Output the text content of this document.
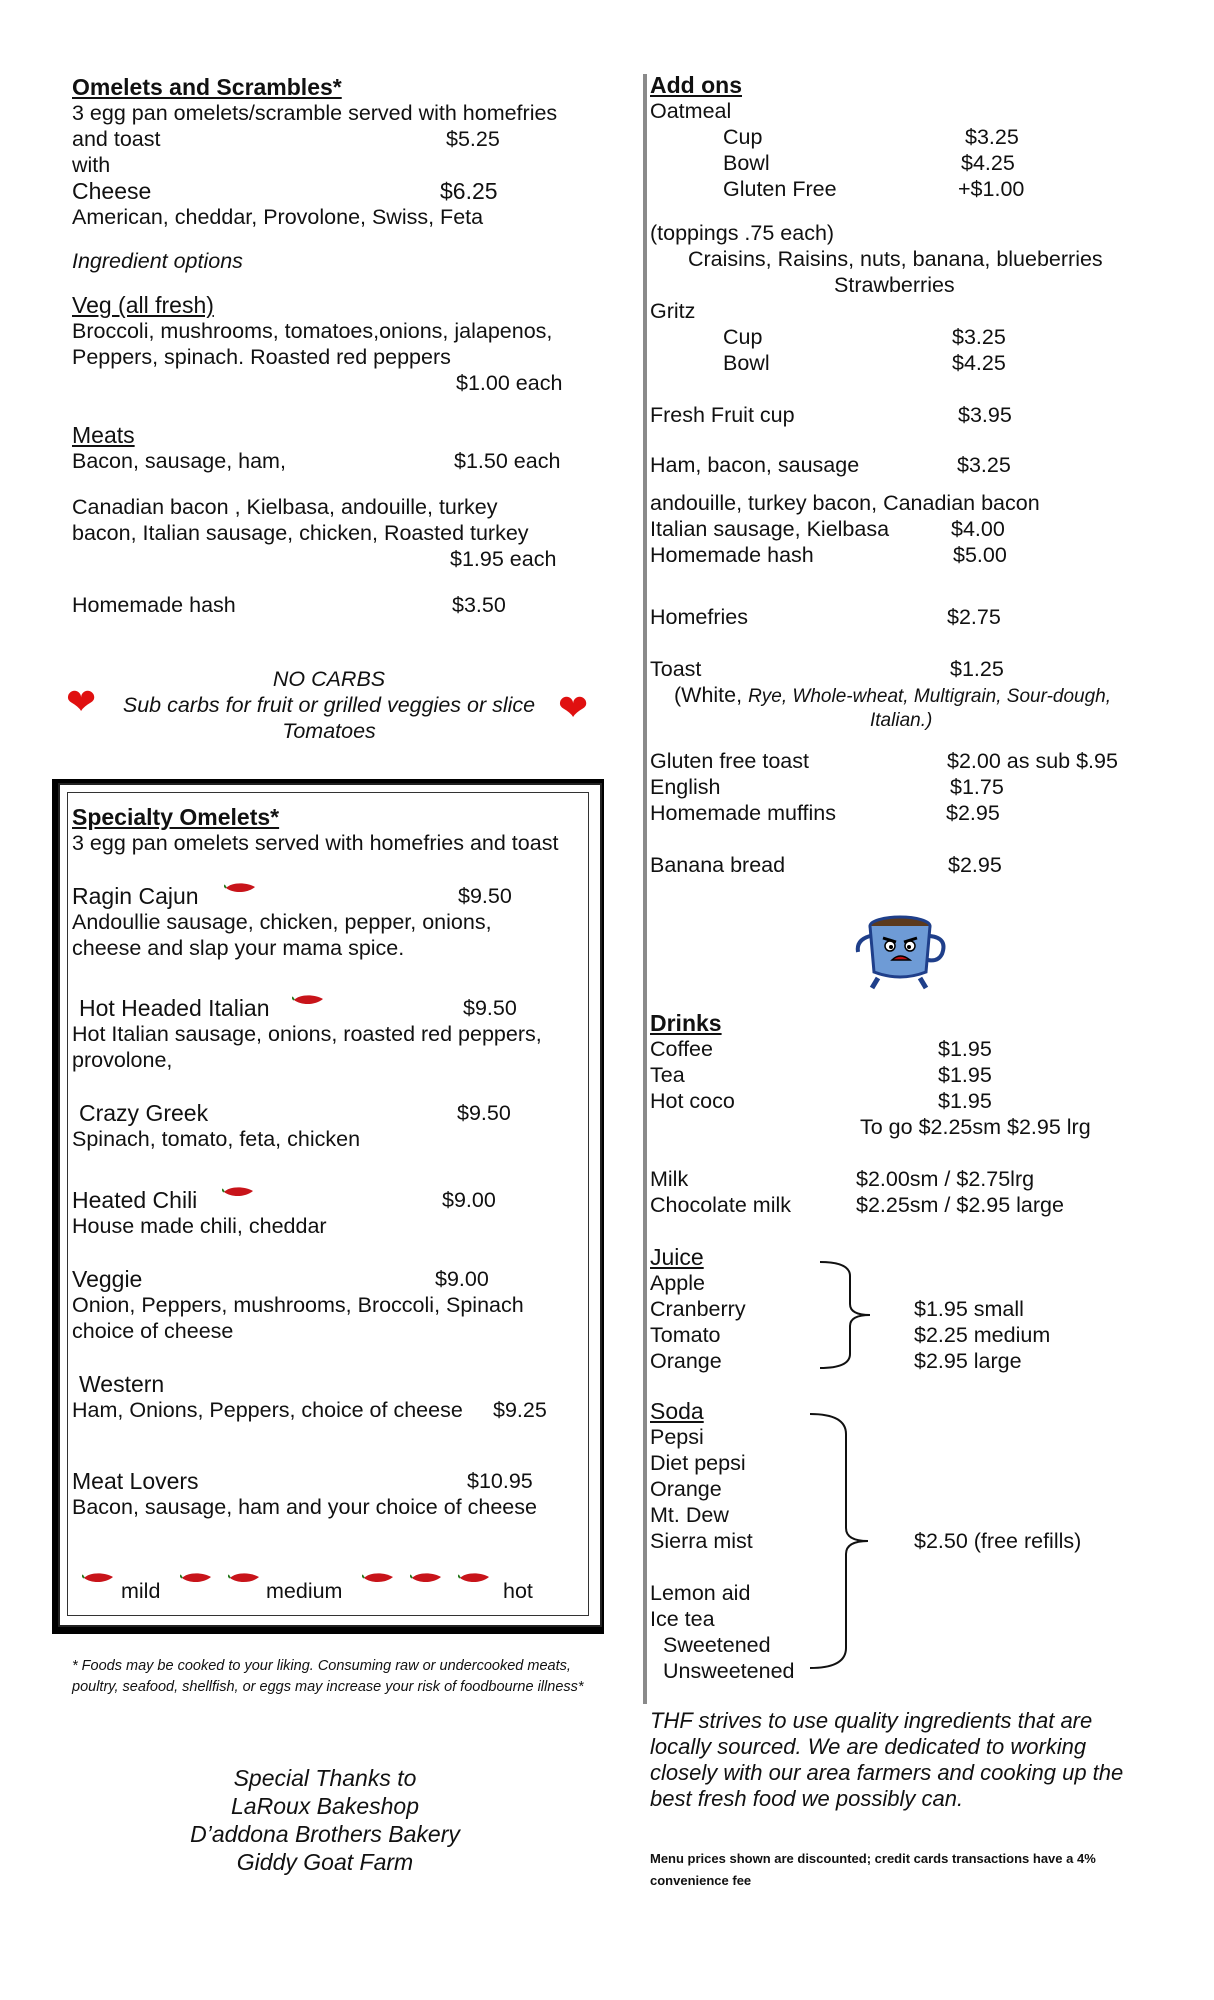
Omelets and Scrambles*
3 egg pan omelets/scramble served with homefries
and toast	$5.25
with
Cheese	$6.25
American, cheddar, Provolone, Swiss, Feta
Ingredient options
Veg (all fresh)
Broccoli, mushrooms, tomatoes,onions, jalapenos,
Peppers, spinach. Roasted red peppers
$1.00 each
Meats
Bacon, sausage, ham,	$1.50 each
Canadian bacon , Kielbasa, andouille, turkey
bacon, Italian sausage, chicken, Roasted turkey
$1.95 each
Homemade hash	$3.50
❤	❤
NO CARBS
Sub carbs for fruit or grilled veggies or slice
Tomatoes
Specialty Omelets*
3 egg pan omelets served with homefries and toast
Ragin Cajun	$9.50
Andoullie sausage, chicken, pepper, onions,
cheese and slap your mama spice.
Hot Headed Italian	$9.50
Hot Italian sausage, onions, roasted red peppers,
provolone,
Crazy Greek	$9.50
Spinach, tomato, feta, chicken
Heated Chili	$9.00
House made chili, cheddar
Veggie	$9.00
Onion, Peppers, mushrooms, Broccoli, Spinach
choice of cheese
Western
Ham, Onions, Peppers, choice of cheese $9.25
Meat Lovers	$10.95
Bacon, sausage, ham and your choice of cheese
mild	medium	hot
* Foods may be cooked to your liking. Consuming raw or undercooked meats, poultry, seafood, shellfish, or eggs may increase your risk of foodbourne illness*
Special Thanks to
LaRoux Bakeshop
D’addona Brothers Bakery
Giddy Goat Farm
Add ons
Oatmeal
Cup	$3.25
Bowl	$4.25
Gluten Free	+$1.00
(toppings .75 each)
Craisins, Raisins, nuts, banana, blueberries
Strawberries
Gritz
Cup	$3.25
Bowl	$4.25
Fresh Fruit cup	$3.95
Ham, bacon, sausage	$3.25
andouille, turkey bacon, Canadian bacon
Italian sausage, Kielbasa	$4.00
Homemade hash	$5.00
Homefries	$2.75
Toast	$1.25
(White, Rye, Whole-wheat, Multigrain, Sour-dough,
Italian.)
Gluten free toast	$2.00 as sub $.95
English	$1.75
Homemade muffins	$2.95
Banana bread	$2.95
Drinks
Coffee	$1.95
Tea	$1.95
Hot coco	$1.95
To go $2.25sm $2.95 lrg
Milk	$2.00sm / $2.75lrg
Chocolate milk	$2.25sm / $2.95 large
Juice
Apple
Cranberry
Tomato
Orange
$1.95 small
$2.25 medium
$2.95 large
Soda
Pepsi
Diet pepsi
Orange
Mt. Dew
Sierra mist
Lemon aid
Ice tea
Sweetened
Unsweetened
$2.50 (free refills)
THF strives to use quality ingredients that are
locally sourced. We are dedicated to working
closely with our area farmers and cooking up the
best fresh food we possibly can.
Menu prices shown are discounted; credit cards transactions have a 4%
convenience fee
